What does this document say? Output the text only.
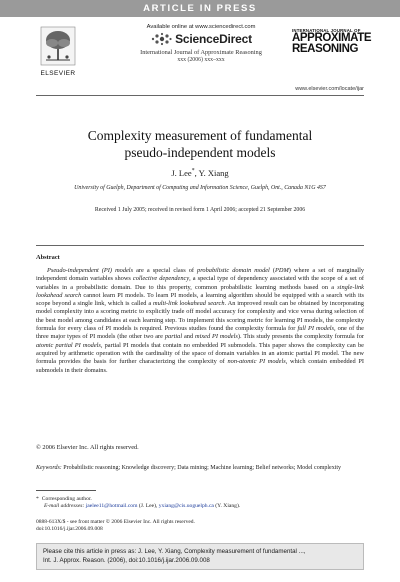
ARTICLE IN PRESS
ELSEVIER
Available online at www.sciencedirect.com
ScienceDirect
International Journal of Approximate Reasoning
xxx (2006) xxx–xxx
INTERNATIONAL JOURNAL OF
APPROXIMATE
REASONING
www.elsevier.com/locate/ijar
Complexity measurement of fundamental
pseudo-independent models
J. Lee*, Y. Xiang
University of Guelph, Department of Computing and Information Science, Guelph, Ont., Canada N1G 4S7
Received 1 July 2005; received in revised form 1 April 2006; accepted 21 September 2006
Abstract
Pseudo-independent (PI) models are a special class of probabilistic domain model (PDM) where a set of marginally independent domain variables shows collective dependency, a special type of dependency associated with the scope of a set of variables in a probabilistic domain. Due to this property, common probabilistic learning methods based on a single-link lookahead search cannot learn PI models. To learn PI models, a learning algorithm should be equipped with a search with its scope beyond a single link, which is called a multi-link lookahead search. An improved result can be obtained by incorporating model complexity into a scoring metric to explicitly trade off model accuracy for complexity and vice versa during selection of the best model among candidates at each learning step. To implement this scoring metric for learning PI models, the complexity formula for every class of PI models is required. Previous studies found the complexity formula for full PI models, one of the three major types of PI models (the other two are partial and mixed PI models). This study presents the complexity formula for atomic partial PI models, partial PI models that contain no embedded PI submodels. This paper shows the complexity can be acquired by arithmetic operation with the cardinality of the space of domain variables in an atomic partial PI model. The new formula provides the basis for further characterizing the complexity of non-atomic PI models, which contain embedded PI submodels in their domains.
© 2006 Elsevier Inc. All rights reserved.
Keywords: Probabilistic reasoning; Knowledge discovery; Data mining; Machine learning; Belief networks; Model complexity
* Corresponding author.
E-mail addresses: jaelee11@hotmail.com (J. Lee), yxiang@cis.uoguelph.ca (Y. Xiang).
0888-613X/$ - see front matter © 2006 Elsevier Inc. All rights reserved.
doi:10.1016/j.ijar.2006.09.008
Please cite this article in press as: J. Lee, Y. Xiang, Complexity measurement of fundamental ...,
Int. J. Approx. Reason. (2006), doi:10.1016/j.ijar.2006.09.008
